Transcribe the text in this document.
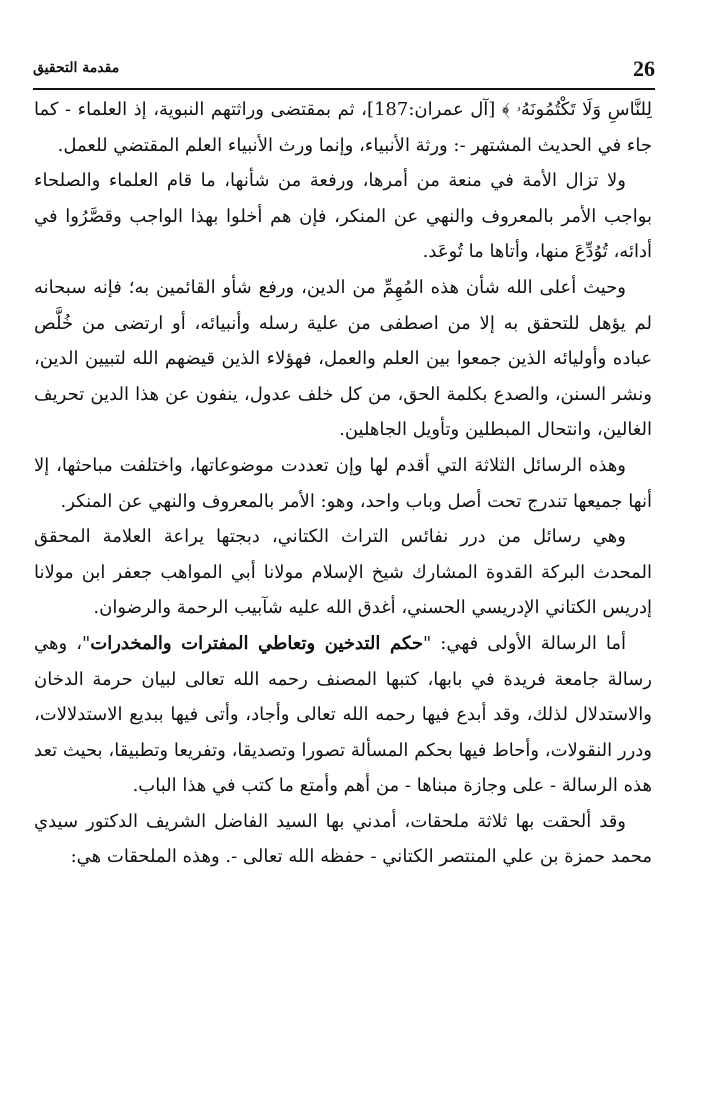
26
مقدمة التحقيق

لِلنَّاسِ وَلَا تَكْتُمُونَهُۥ ﴾ [آل عمران:187]، ثم بمقتضى وراثتهم النبوية، إذ العلماء - كما جاء في الحديث المشتهر -: ورثة الأنبياء، وإنما ورث الأنبياء العلم المقتضي للعمل.

ولا تزال الأمة في منعة من أمرها، ورفعة من شأنها، ما قام العلماء والصلحاء بواجب الأمر بالمعروف والنهي عن المنكر، فإن هم أخلوا بهذا الواجب وقصَّرُوا في أدائه، تُوُدِّعَ منها، وأتاها ما تُوعَد.

وحيث أعلى الله شأن هذه المُهِمِّ من الدين، ورفع شأو القائمين به؛ فإنه سبحانه لم يؤهل للتحقق به إلا من اصطفى من علية رسله وأنبيائه، أو ارتضى من خُلَّص عباده وأوليائه الذين جمعوا بين العلم والعمل، فهؤلاء الذين قيضهم الله لتبيين الدين، ونشر السنن، والصدع بكلمة الحق، من كل خلف عدول، ينفون عن هذا الدين تحريف الغالين، وانتحال المبطلين وتأويل الجاهلين.

وهذه الرسائل الثلاثة التي أقدم لها وإن تعددت موضوعاتها، واختلفت مباحثها، إلا أنها جميعها تندرج تحت أصل وباب واحد، وهو: الأمر بالمعروف والنهي عن المنكر.

وهي رسائل من درر نفائس التراث الكتاني، دبجتها يراعة العلامة المحقق المحدث البركة القدوة المشارك شيخ الإسلام مولانا أبي المواهب جعفر ابن مولانا إدريس الكتاني الإدريسي الحسني، أغدق الله عليه شآبيب الرحمة والرضوان.

أما الرسالة الأولى فهي: "حكم التدخين وتعاطي المفترات والمخدرات"، وهي رسالة جامعة فريدة في بابها، كتبها المصنف رحمه الله تعالى لبيان حرمة الدخان والاستدلال لذلك، وقد أبدع فيها رحمه الله تعالى وأجاد، وأتى فيها ببديع الاستدلالات، ودرر النقولات، وأحاط فيها بحكم المسألة تصورا وتصديقا، وتفريعا وتطبيقا، بحيث تعد هذه الرسالة - على وجازة مبناها - من أهم وأمتع ما كتب في هذا الباب.

وقد ألحقت بها ثلاثة ملحقات، أمدني بها السيد الفاضل الشريف الدكتور سيدي محمد حمزة بن علي المنتصر الكتاني - حفظه الله تعالى -. وهذه الملحقات هي:
